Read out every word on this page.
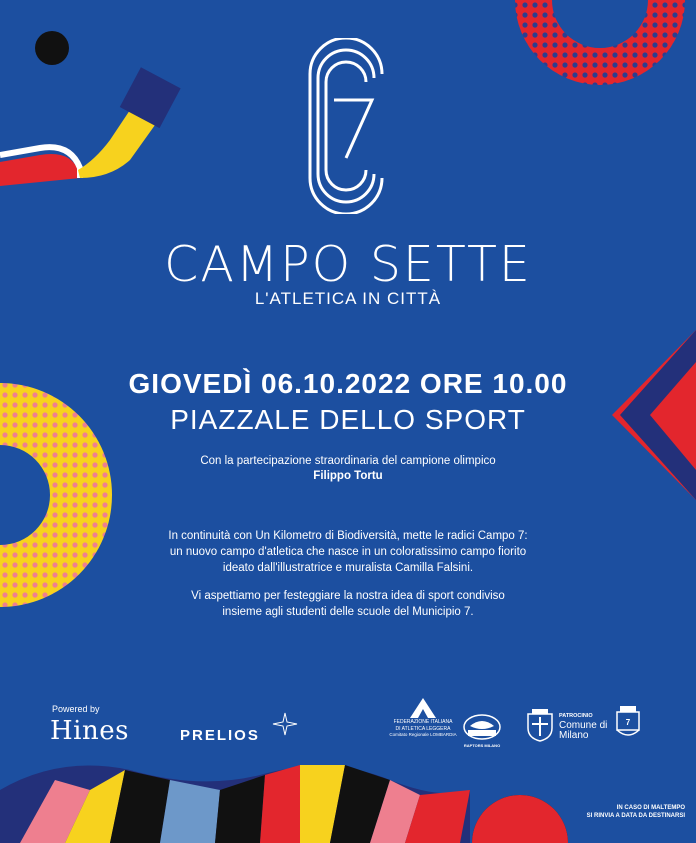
CAMPO SETTE
L'ATLETICA IN CITTÀ
GIOVEDÌ 06.10.2022 ORE 10.00
PIAZZALE DELLO SPORT
Con la partecipazione straordinaria del campione olimpico
Filippo Tortu
In continuità con Un Kilometro di Biodiversità, mette le radici Campo 7:
un nuovo campo d'atletica che nasce in un coloratissimo campo fiorito
ideato dall'illustratrice e muralista Camilla Falsini.
Vi aspettiamo per festeggiare la nostra idea di sport condiviso
insieme agli studenti delle scuole del Municipio 7.
Powered by
Hines	PRELIOS
FEDERAZIONE ITALIANA
DI ATLETICA LEGGERA
Comitato Regionale LOMBARDIA
RAPTORS MILANO
PATROCINIO
Comune di
Milano
7
IN CASO DI MALTEMPO
SI RINVIA A DATA DA DESTINARSI
